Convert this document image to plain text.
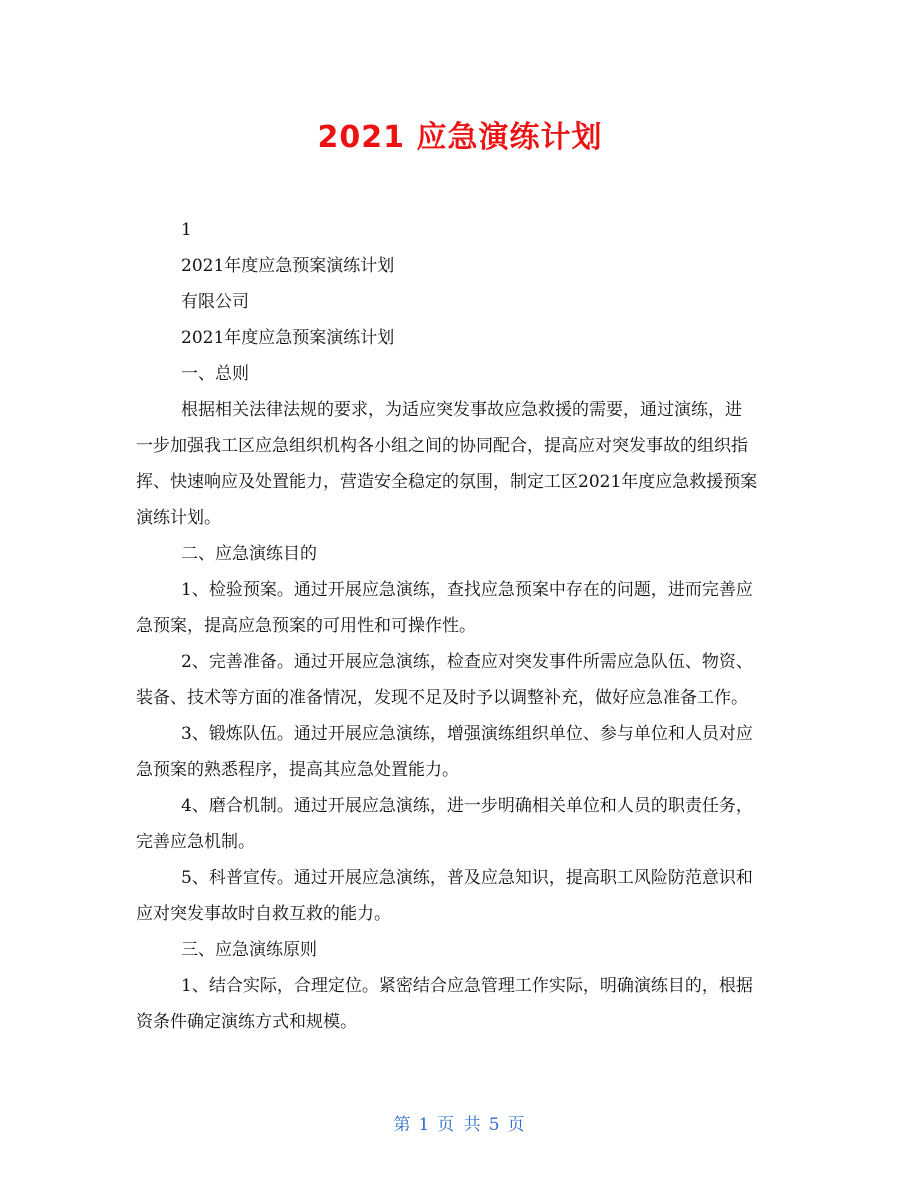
2021 应急演练计划
1
2021年度应急预案演练计划
有限公司
2021年度应急预案演练计划
一、总则
根据相关法律法规的要求，为适应突发事故应急救援的需要，通过演练，进
一步加强我工区应急组织机构各小组之间的协同配合，提高应对突发事故的组织指
挥、快速响应及处置能力，营造安全稳定的氛围，制定工区2021年度应急救援预案
演练计划。
二、应急演练目的
1、检验预案。通过开展应急演练，查找应急预案中存在的问题，进而完善应
急预案，提高应急预案的可用性和可操作性。
2、完善准备。通过开展应急演练，检查应对突发事件所需应急队伍、物资、
装备、技术等方面的准备情况，发现不足及时予以调整补充，做好应急准备工作。
3、锻炼队伍。通过开展应急演练，增强演练组织单位、参与单位和人员对应
急预案的熟悉程序，提高其应急处置能力。
4、磨合机制。通过开展应急演练，进一步明确相关单位和人员的职责任务，
完善应急机制。
5、科普宣传。通过开展应急演练，普及应急知识，提高职工风险防范意识和
应对突发事故时自救互救的能力。
三、应急演练原则
1、结合实际，合理定位。紧密结合应急管理工作实际，明确演练目的，根据
资条件确定演练方式和规模。
第 1 页 共 5 页
